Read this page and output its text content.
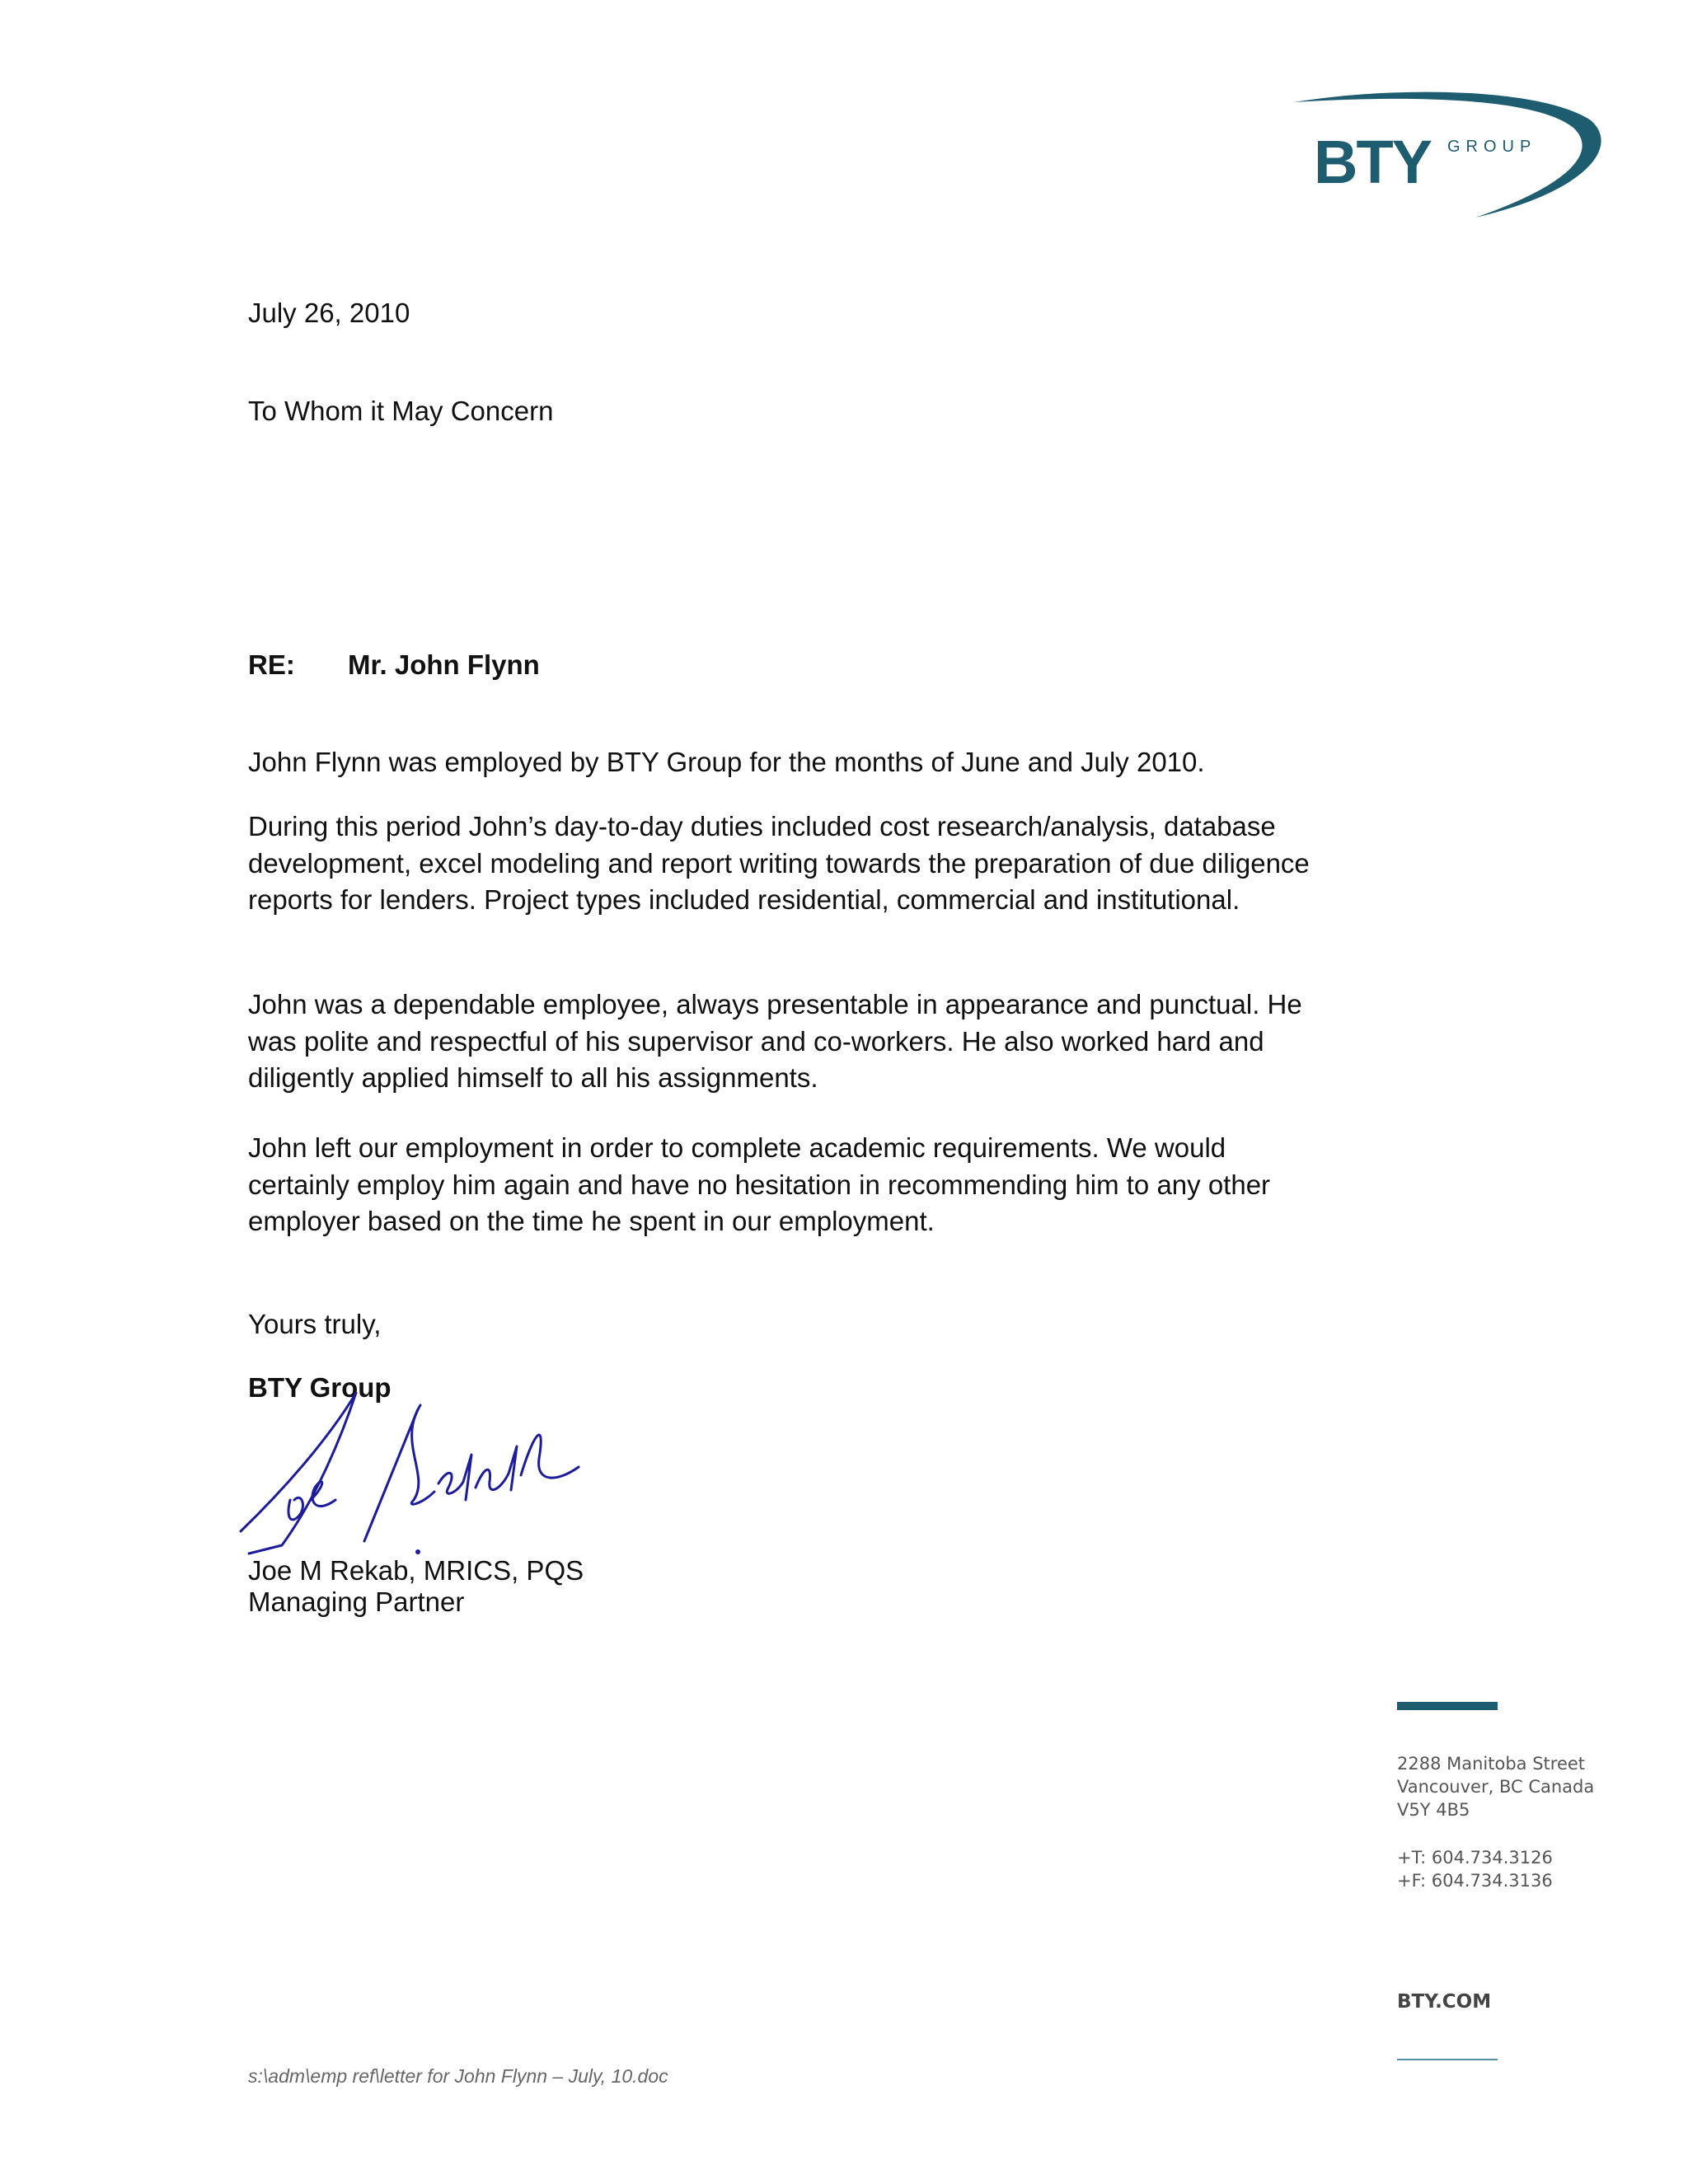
BTY GROUP
July 26, 2010
To Whom it May Concern
RE: Mr. John Flynn
John Flynn was employed by BTY Group for the months of June and July 2010.
During this period John’s day-to-day duties included cost research/analysis, database development, excel modeling and report writing towards the preparation of due diligence reports for lenders. Project types included residential, commercial and institutional.
John was a dependable employee, always presentable in appearance and punctual. He was polite and respectful of his supervisor and co-workers. He also worked hard and diligently applied himself to all his assignments.
John left our employment in order to complete academic requirements. We would certainly employ him again and have no hesitation in recommending him to any other employer based on the time he spent in our employment.
Yours truly,
BTY Group
Joe M Rekab, MRICS, PQS
Managing Partner
2288 Manitoba Street
Vancouver, BC Canada
V5Y 4B5
+T: 604.734.3126
+F: 604.734.3136
BTY.COM
s:\adm\emp ref\letter for John Flynn – July, 10.doc
